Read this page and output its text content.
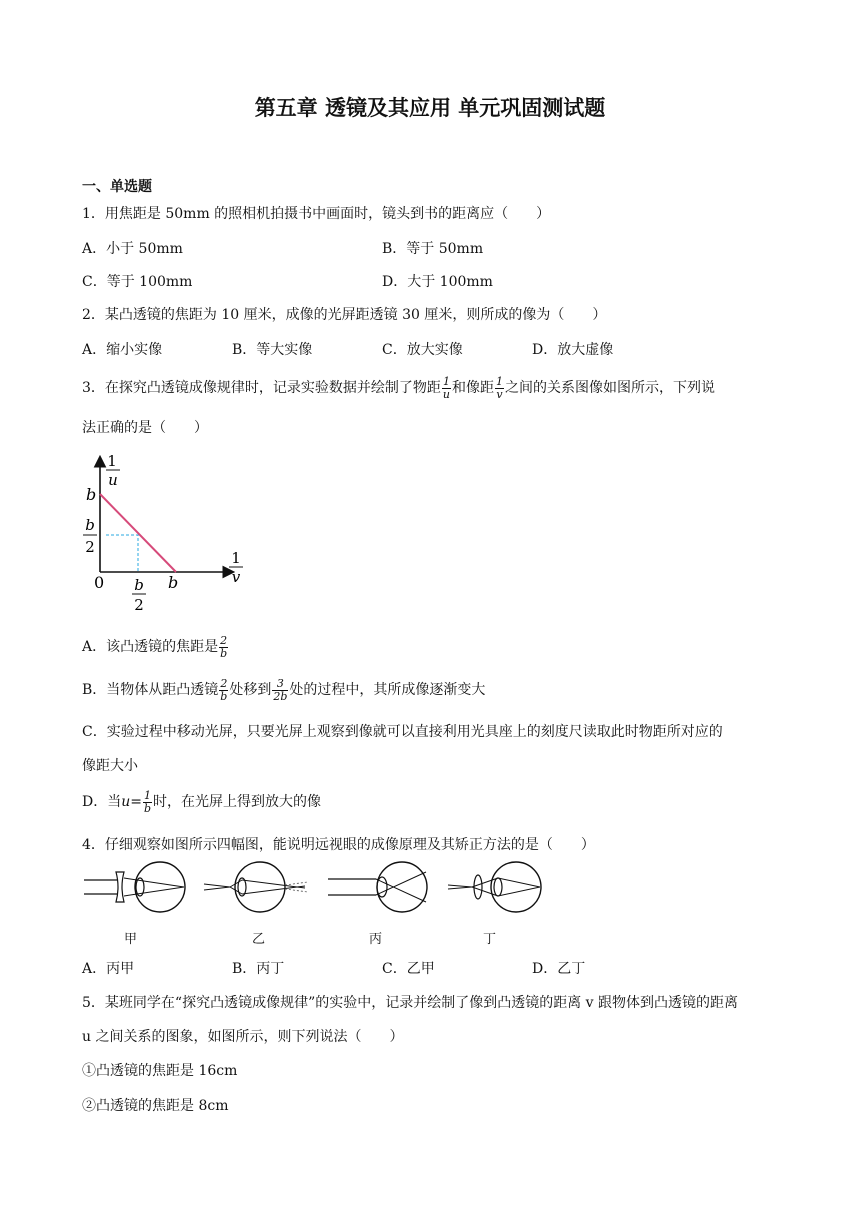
第五章 透镜及其应用 单元巩固测试题
一、单选题
1．用焦距是 50mm 的照相机拍摄书中画面时，镜头到书的距离应（　　）
A．小于 50mm	B．等于 50mm
C．等于 100mm	D．大于 100mm
2．某凸透镜的焦距为 10 厘米，成像的光屏距透镜 30 厘米，则所成的像为（　　）
A．缩小实像	B．等大实像	C．放大实像	D．放大虚像
3．在探究凸透镜成像规律时，记录实验数据并绘制了物距 $\frac{1}{u}$ 和像距 $\frac{1}{v}$ 之间的关系图像如图所示，下列说
法正确的是（　　）
1
u
b
b
2
0
1
v
b
2
b
A．该凸透镜的焦距是 $\frac{2}{b}$
B．当物体从距凸透镜 $\frac{2}{b}$ 处移到 $\frac{3}{2b}$ 处的过程中，其所成像逐渐变大
C．实验过程中移动光屏，只要光屏上观察到像就可以直接利用光具座上的刻度尺读取此时物距所对应的
像距大小
D．当$u= \frac{1}{b}$ 时，在光屏上得到放大的像
4．仔细观察如图所示四幅图，能说明远视眼的成像原理及其矫正方法的是（　　）
甲	乙	丙	丁
A．丙甲	B．丙丁	C．乙甲	D．乙丁
5．某班同学在“探究凸透镜成像规律”的实验中，记录并绘制了像到凸透镜的距离 v 跟物体到凸透镜的距离
u 之间关系的图象，如图所示，则下列说法（　　）
①凸透镜的焦距是 16cm
②凸透镜的焦距是 8cm
